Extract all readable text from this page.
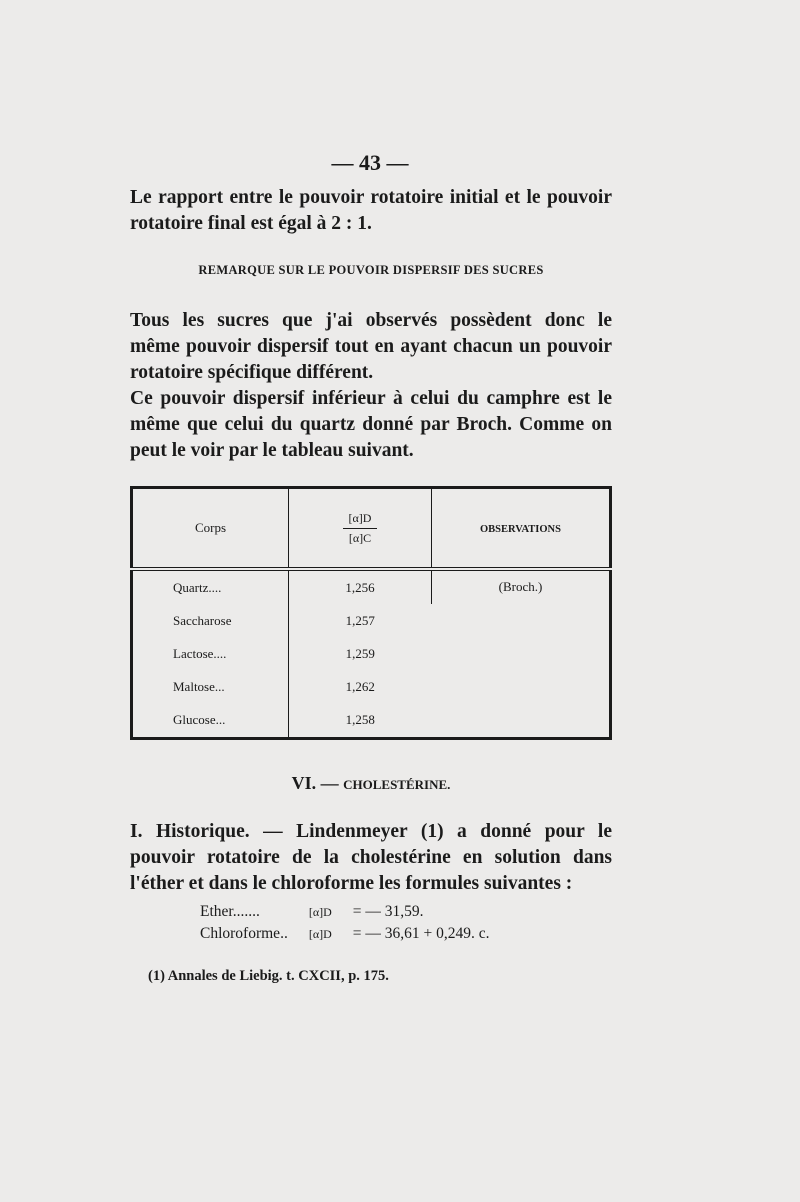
— 43 —
Le rapport entre le pouvoir rotatoire initial et le pouvoir
rotatoire final est égal à 2 : 1.
REMARQUE SUR LE POUVOIR DISPERSIF DES SUCRES
Tous les sucres que j'ai observés possèdent donc le
même pouvoir dispersif tout en ayant chacun un pouvoir
rotatoire spécifique différent.
Ce pouvoir dispersif inférieur à celui du camphre est le
même que celui du quartz donné par Broch. Comme on
peut le voir par le tableau suivant.
Corps	$\frac{[\alpha]D}{[\alpha]C}$	OBSERVATIONS
Quartz....	1,256	(Broch.)
Saccharose	1,257	
Lactose....	1,259	
Maltose...	1,262	
Glucose...	1,258	
VI. — CHOLESTÉRINE.
I. Historique. — Lindenmeyer (1) a donné pour le
pouvoir rotatoire de la cholestérine en solution dans
l'éther et dans le chloroforme les formules suivantes :
Ether.......	[α]D = — 31,59.
Chloroforme.. [α]D = — 36,61 + 0,249. c.
(1) Annales de Liebig. t. CXCII, p. 175.
